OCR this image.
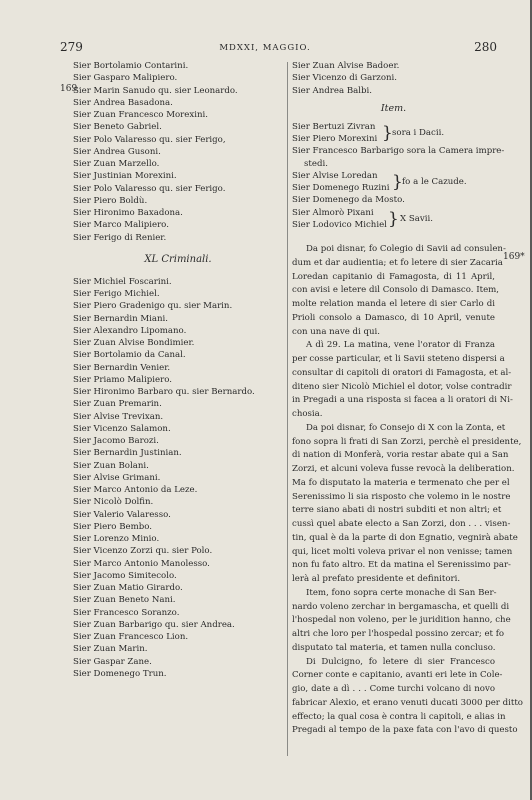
279	MDXXI, MAGGIO.	280
169
169*
Sier Bortolamio Contarini.
Sier Gasparo Malipiero.
Sier Marin Sanudo qu. sier Leonardo.
Sier Andrea Basadona.
Sier Zuan Francesco Morexini.
Sier Beneto Gabriel.
Sier Polo Valaresso qu. sier Ferigo,
Sier Andrea Gusoni.
Sier Zuan Marzello.
Sier Justinian Morexini.
Sier Polo Valaresso qu. sier Ferigo.
Sier Piero Boldù.
Sier Hironimo Baxadona.
Sier Marco Malipiero.
Sier Ferigo di Renier.
XL Criminali.
Sier Michiel Foscarini.
Sier Ferigo Michiel.
Sier Piero Gradenigo qu. sier Marin.
Sier Bernardin Miani.
Sier Alexandro Lipomano.
Sier Zuan Alvise Bondimier.
Sier Bortolamio da Canal.
Sier Bernardin Venier.
Sier Priamo Malipiero.
Sier Hironimo Barbaro qu. sier Bernardo.
Sier Zuan Premarin.
Sier Alvise Trevixan.
Sier Vicenzo Salamon.
Sier Jacomo Barozi.
Sier Bernardin Justinian.
Sier Zuan Bolani.
Sier Alvise Grimani.
Sier Marco Antonio da Leze.
Sier Nicolò Dolfin.
Sier Valerio Valaresso.
Sier Piero Bembo.
Sier Lorenzo Minio.
Sier Vicenzo Zorzi qu. sier Polo.
Sier Marco Antonio Manolesso.
Sier Jacomo Simitecolo.
Sier Zuan Matio Girardo.
Sier Zuan Beneto Nani.
Sier Francesco Soranzo.
Sier Zuan Barbarigo qu. sier Andrea.
Sier Zuan Francesco Lion.
Sier Zuan Marin.
Sier Gaspar Zane.
Sier Domenego Trun.
Sier Zuan Alvise Badoer.
Sier Vicenzo di Garzoni.
Sier Andrea Balbi.
Item.
Sier Bertuzi Zivran
Sier Piero Morexini } sora i Dacii.
Sier Francesco Barbarigo sora la Camera impre-
stedi.
Sier Alvise Loredan
Sier Domenego Ruzini } fo a le Cazude.
Sier Domenego da Mosto.
Sier Almorò Pixani
Sier Lodovico Michiel } X Savii.
Da poi disnar, fo Colegio di Savii ad consulen-
dum et dar audientia; et fo letere di sier Zacaria
Loredan capitanio di Famagosta, di 11 April,
con avisi e letere dil Consolo di Damasco. Item,
molte relation manda el letere di sier Carlo di
Prioli consolo a Damasco, di 10 April, venute
con una nave di qui.
A dì 29. La matina, vene l'orator di Franza
per cosse particular, et li Savii steteno dispersi a
consultar di capitoli di oratori di Famagosta, et al-
diteno sier Nicolò Michiel el dotor, volse contradir
in Pregadi a una risposta si facea a li oratori di Ni-
chosia.
Da poi disnar, fo Consejo di X con la Zonta, et
fono sopra li frati di San Zorzi, perchè el presidente,
di nation di Monferà, voria restar abate qui a San
Zorzi, et alcuni voleva fusse revocà la deliberation.
Ma fo disputato la materia e termenato che per el
Serenissimo li sia risposto che volemo in le nostre
terre siano abati di nostri subditi et non altri; et
cussì quel abate electo a San Zorzi, don . . . visen-
tin, qual è da la parte di don Egnatio, vegnirà abate
qui, licet molti voleva privar el non venisse; tamen
non fu fato altro. Et da matina el Serenissimo par-
lerà al prefato presidente et definitori.
Item, fono sopra certe monache di San Ber-
nardo voleno zerchar in bergamascha, et quelli di
l'hospedal non voleno, per le juridition hanno, che
altri che loro per l'hospedal possino zercar; et fo
disputato tal materia, et tamen nulla concluso.
Di Dulcigno, fo letere di sier Francesco
Corner conte e capitanio, avanti eri lete in Cole-
gio, date a dì . . . Come turchi volcano di novo
fabricar Alexio, et erano venuti ducati 3000 per ditto
effecto; la qual cosa è contra li capitoli, e alias in
Pregadi al tempo de la paxe fata con l'avo di questo
